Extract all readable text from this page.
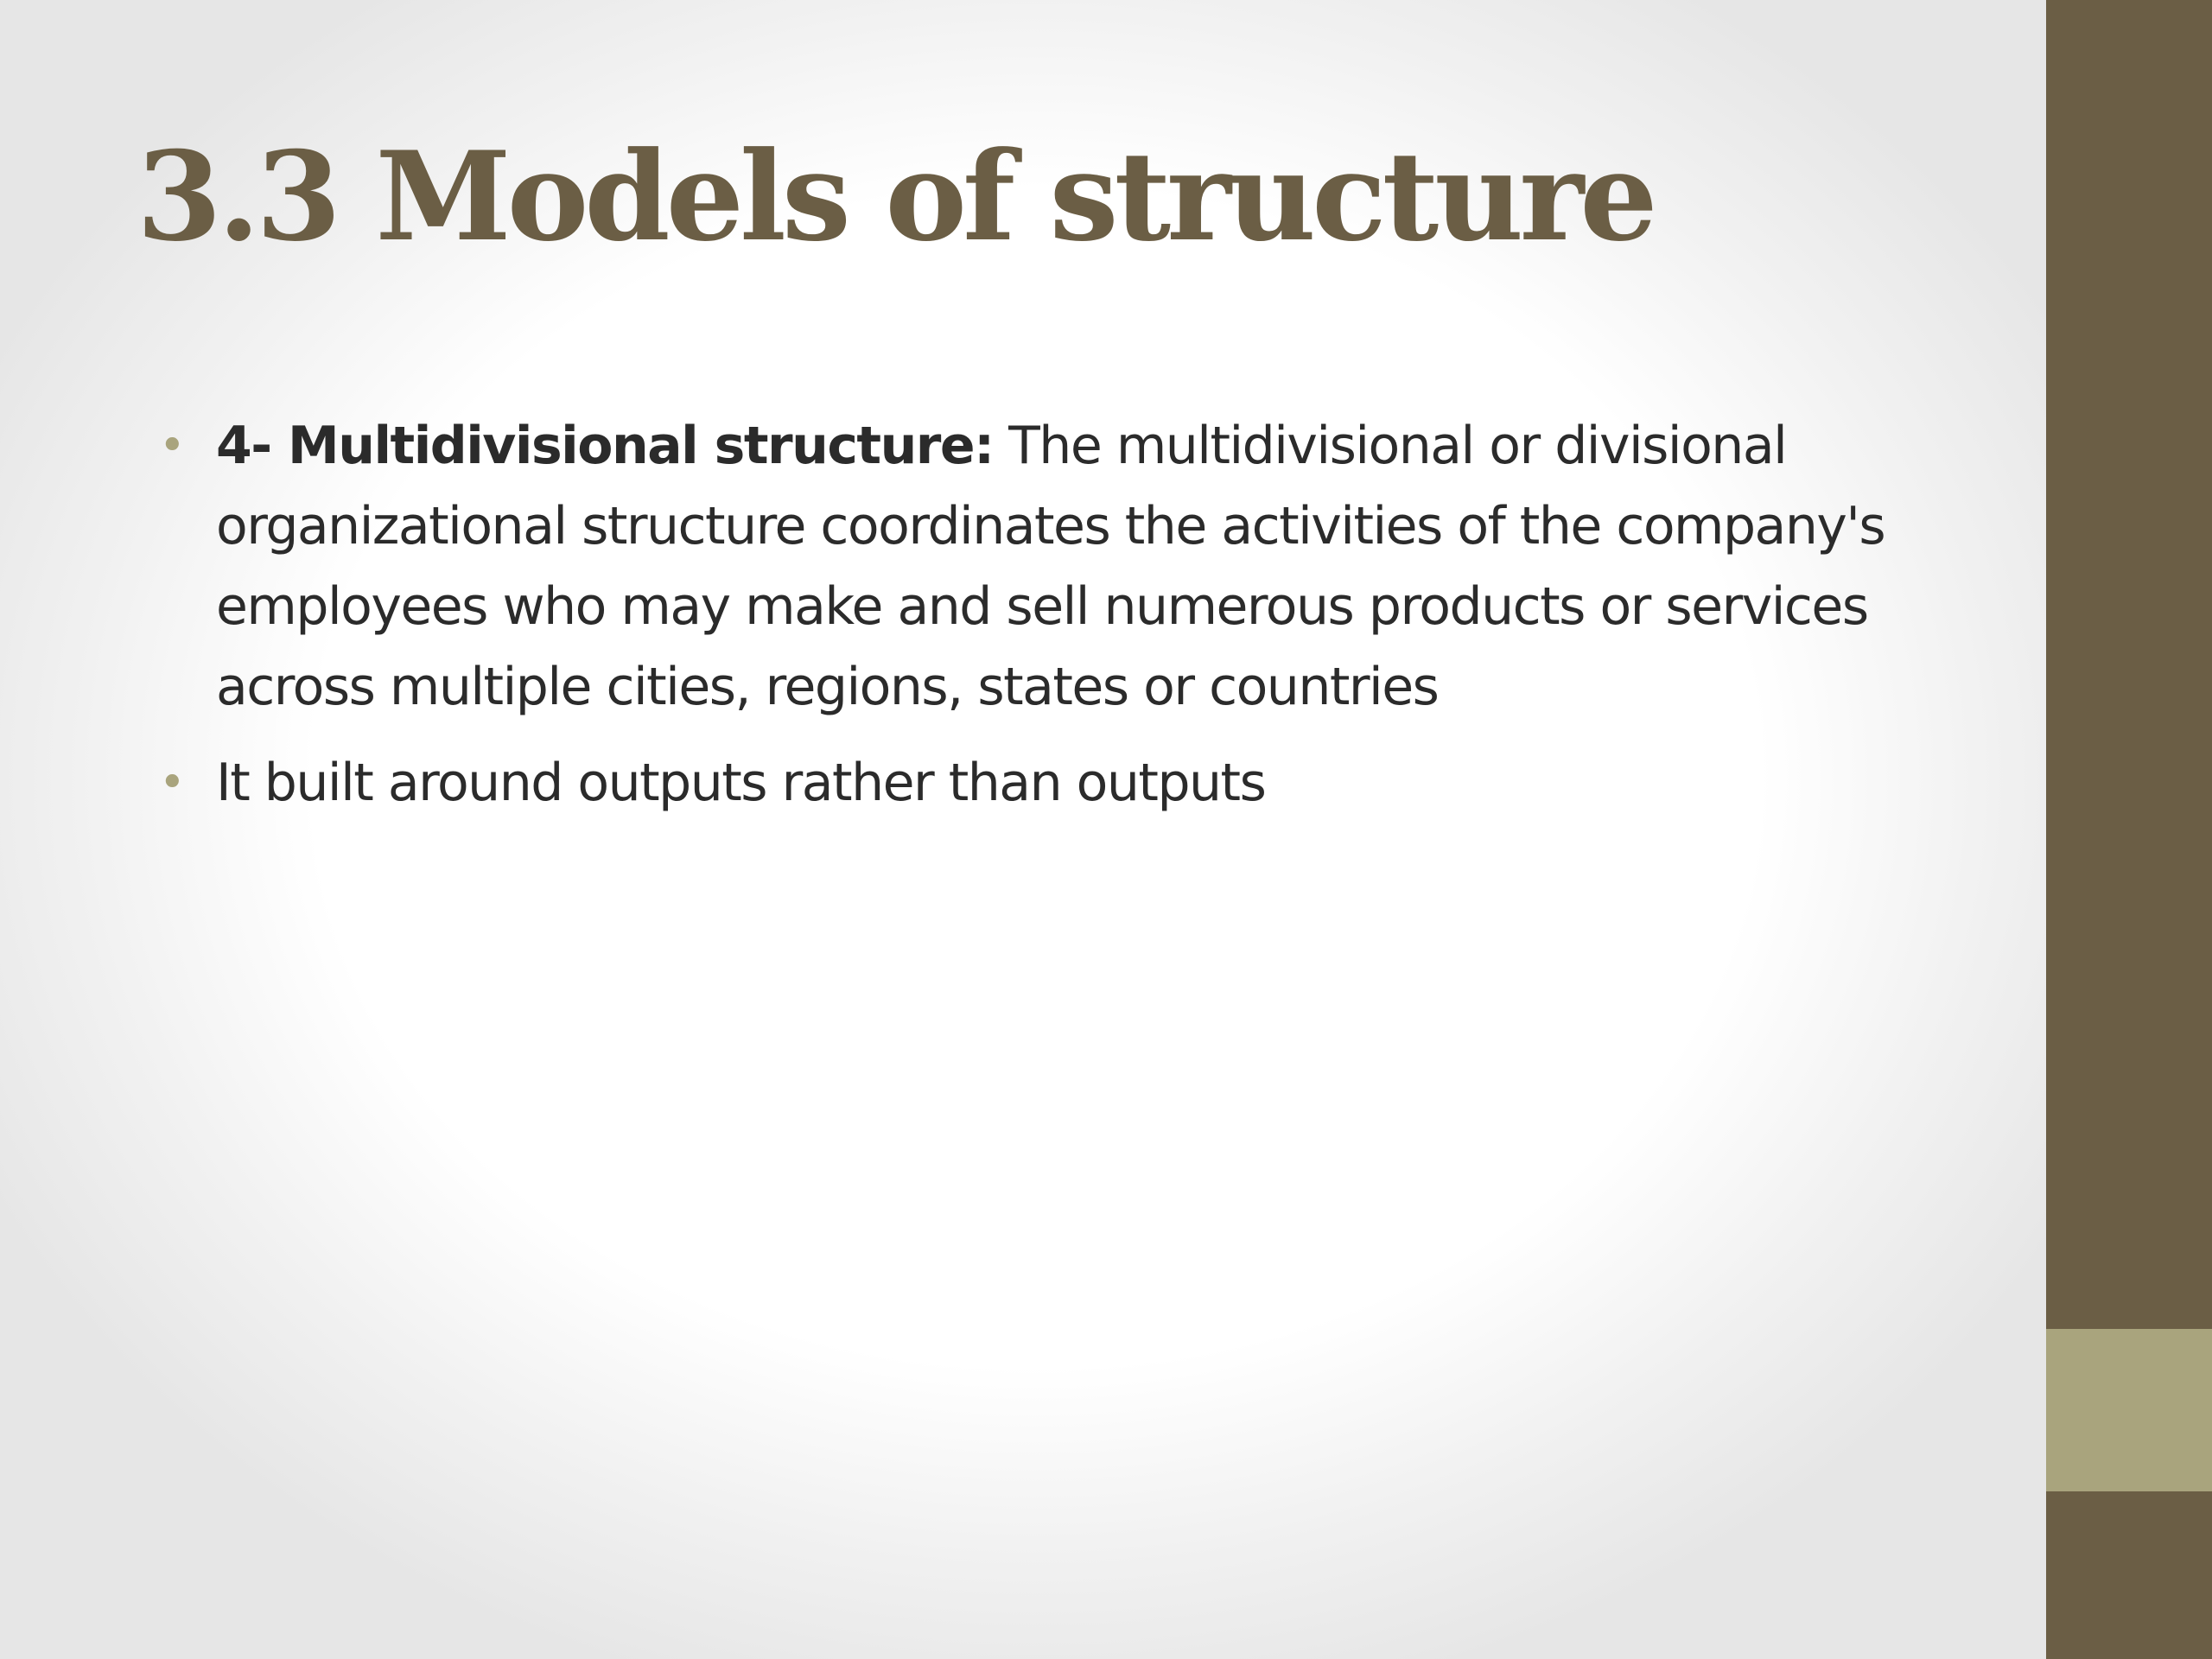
3.3 Models of structure
• 4- Multidivisional structure: The multidivisional or divisional organizational structure coordinates the activities of the company's employees who may make and sell numerous products or services across multiple cities, regions, states or countries
• It built around outputs rather than outputs
